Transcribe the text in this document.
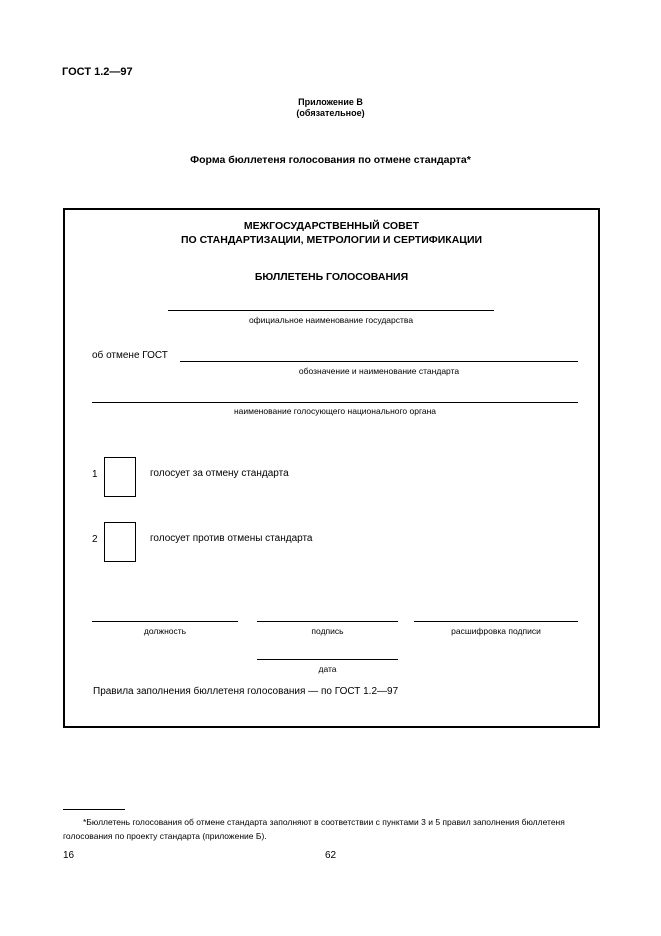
ГОСТ 1.2—97
Приложение В
(обязательное)
Форма бюллетеня голосования по отмене стандарта*
МЕЖГОСУДАРСТВЕННЫЙ СОВЕТ
ПО СТАНДАРТИЗАЦИИ, МЕТРОЛОГИИ И СЕРТИФИКАЦИИ
БЮЛЛЕТЕНЬ ГОЛОСОВАНИЯ
официальное наименование государства
об отмене ГОСТ
обозначение и наименование стандарта
наименование голосующего национального органа
1	голосует за отмену стандарта
2	голосует против отмены стандарта
должность	подпись	расшифровка подписи
дата
Правила заполнения бюллетеня голосования — по ГОСТ 1.2—97
*Бюллетень голосования об отмене стандарта заполняют в соответствии с пунктами 3 и 5 правил заполнения бюллетеня голосования по проекту стандарта (приложение Б).
16	62
